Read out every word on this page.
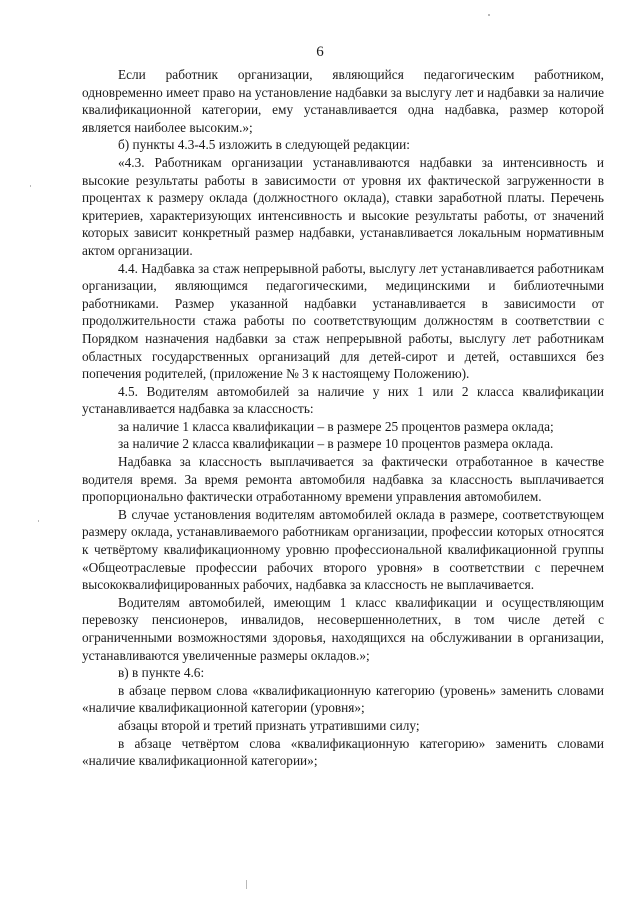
6

Если работник организации, являющийся педагогическим работником, одновременно имеет право на установление надбавки за выслугу лет и надбавки за наличие квалификационной категории, ему устанавливается одна надбавка, размер которой является наиболее высоким.»;

б) пункты 4.3-4.5 изложить в следующей редакции:

«4.3. Работникам организации устанавливаются надбавки за интенсивность и высокие результаты работы в зависимости от уровня их фактической загруженности в процентах к размеру оклада (должностного оклада), ставки заработной платы. Перечень критериев, характеризующих интенсивность и высокие результаты работы, от значений которых зависит конкретный размер надбавки, устанавливается локальным нормативным актом организации.

4.4. Надбавка за стаж непрерывной работы, выслугу лет устанавливается работникам организации, являющимся педагогическими, медицинскими и библиотечными работниками. Размер указанной надбавки устанавливается в зависимости от продолжительности стажа работы по соответствующим должностям в соответствии с Порядком назначения надбавки за стаж непрерывной работы, выслугу лет работникам областных государственных организаций для детей-сирот и детей, оставшихся без попечения родителей, (приложение № 3 к настоящему Положению).

4.5. Водителям автомобилей за наличие у них 1 или 2 класса квалификации устанавливается надбавка за классность:

за наличие 1 класса квалификации – в размере 25 процентов размера оклада;

за наличие 2 класса квалификации – в размере 10 процентов размера оклада.

Надбавка за классность выплачивается за фактически отработанное в качестве водителя время. За время ремонта автомобиля надбавка за классность выплачивается пропорционально фактически отработанному времени управления автомобилем.

В случае установления водителям автомобилей оклада в размере, соответствующем размеру оклада, устанавливаемого работникам организации, профессии которых относятся к четвёртому квалификационному уровню профессиональной квалификационной группы «Общеотраслевые профессии рабочих второго уровня» в соответствии с перечнем высококвалифицированных рабочих, надбавка за классность не выплачивается.

Водителям автомобилей, имеющим 1 класс квалификации и осуществляющим перевозку пенсионеров, инвалидов, несовершеннолетних, в том числе детей с ограниченными возможностями здоровья, находящихся на обслуживании в организации, устанавливаются увеличенные размеры окладов.»;

в) в пункте 4.6:

в абзаце первом слова «квалификационную категорию (уровень» заменить словами «наличие квалификационной категории (уровня»;

абзацы второй и третий признать утратившими силу;

в абзаце четвёртом слова «квалификационную категорию» заменить словами «наличие квалификационной категории»;
